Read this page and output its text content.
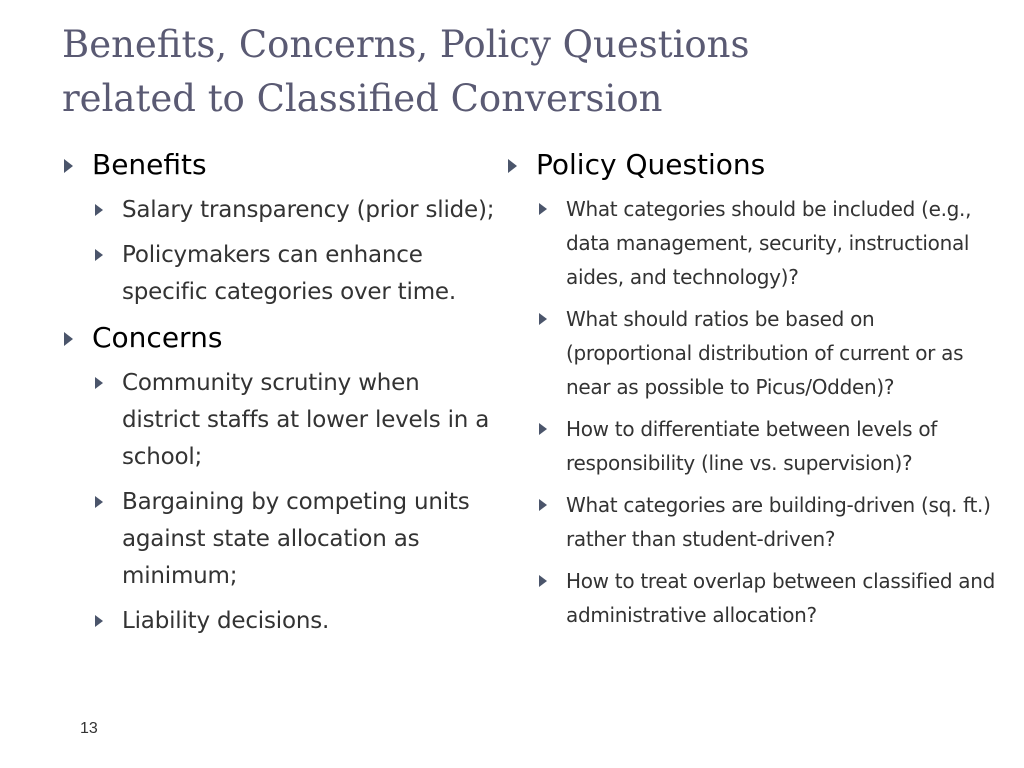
Benefits, Concerns, Policy Questions
related to Classified Conversion
Benefits
Salary transparency (prior slide);
Policymakers can enhance specific categories over time.
Concerns
Community scrutiny when district staffs at lower levels in a school;
Bargaining by competing units against state allocation as minimum;
Liability decisions.
Policy Questions
What categories should be included (e.g., data management, security, instructional aides, and technology)?
What should ratios be based on (proportional distribution of current or as near as possible to Picus/Odden)?
How to differentiate between levels of responsibility (line vs. supervision)?
What categories are building-driven (sq. ft.) rather than student-driven?
How to treat overlap between classified and administrative allocation?
13
